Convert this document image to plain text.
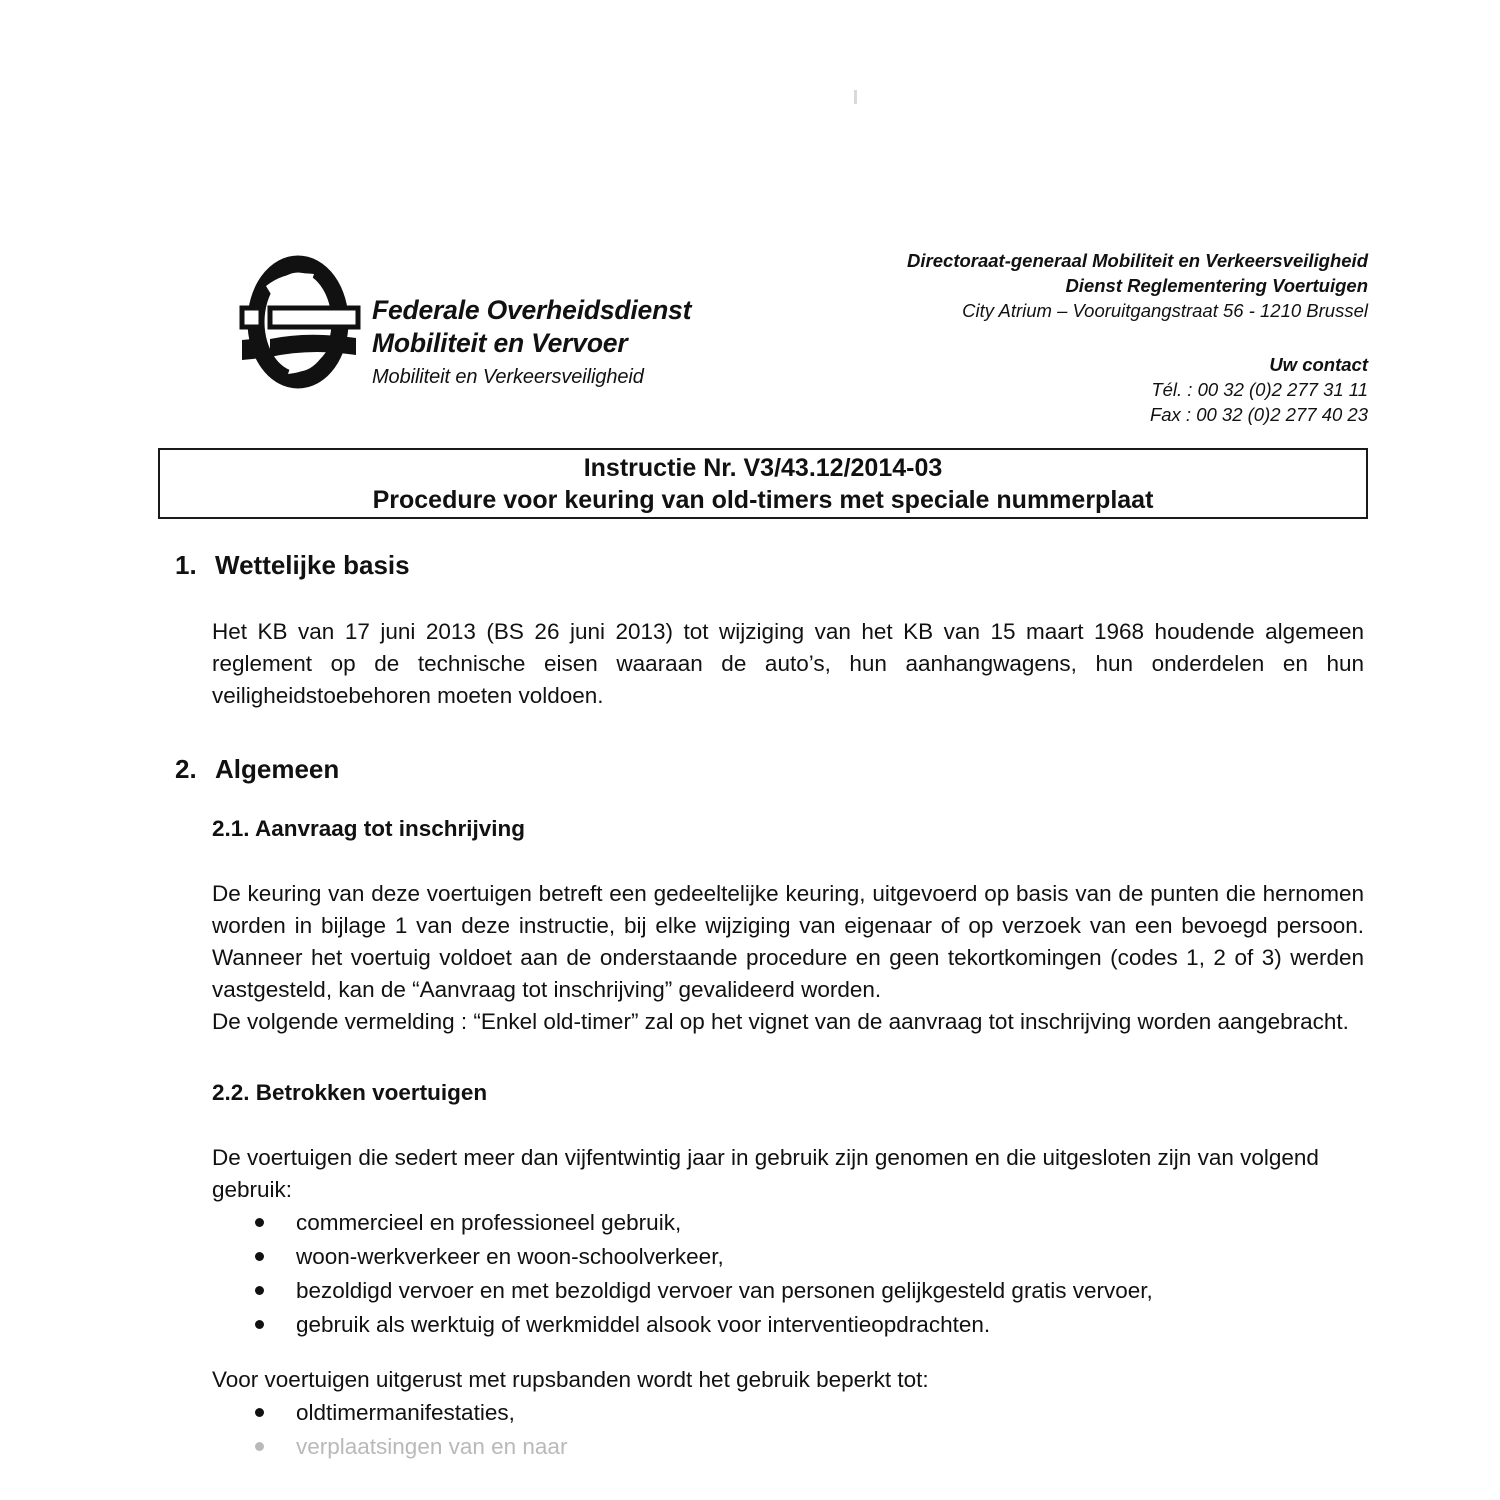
Federale Overheidsdienst
Mobiliteit en Vervoer
Mobiliteit en Verkeersveiligheid
Directoraat-generaal Mobiliteit en Verkeersveiligheid
Dienst Reglementering Voertuigen
City Atrium – Vooruitgangstraat 56 - 1210 Brussel
Uw contact
Tél. : 00 32 (0)2 277 31 11
Fax : 00 32 (0)2 277 40 23
Instructie Nr. V3/43.12/2014-03
Procedure voor keuring van old-timers met speciale nummerplaat
1. Wettelijke basis
Het KB van 17 juni 2013 (BS 26 juni 2013) tot wijziging van het KB van 15 maart 1968 houdende algemeen reglement op de technische eisen waaraan de auto’s, hun aanhangwagens, hun onderdelen en hun veiligheidstoebehoren moeten voldoen.
2. Algemeen
2.1. Aanvraag tot inschrijving
De keuring van deze voertuigen betreft een gedeeltelijke keuring, uitgevoerd op basis van de punten die hernomen worden in bijlage 1 van deze instructie, bij elke wijziging van eigenaar of op verzoek van een bevoegd persoon. Wanneer het voertuig voldoet aan de onderstaande procedure en geen tekortkomingen (codes 1, 2 of 3) werden vastgesteld, kan de “Aanvraag tot inschrijving” gevalideerd worden.
De volgende vermelding : “Enkel old-timer” zal op het vignet van de aanvraag tot inschrijving worden aangebracht.
2.2. Betrokken voertuigen
De voertuigen die sedert meer dan vijfentwintig jaar in gebruik zijn genomen en die uitgesloten zijn van volgend gebruik:
commercieel en professioneel gebruik,
woon-werkverkeer en woon-schoolverkeer,
bezoldigd vervoer en met bezoldigd vervoer van personen gelijkgesteld gratis vervoer,
gebruik als werktuig of werkmiddel alsook voor interventieopdrachten.
Voor voertuigen uitgerust met rupsbanden wordt het gebruik beperkt tot:
oldtimermanifestaties,
verplaatsingen van en naar
